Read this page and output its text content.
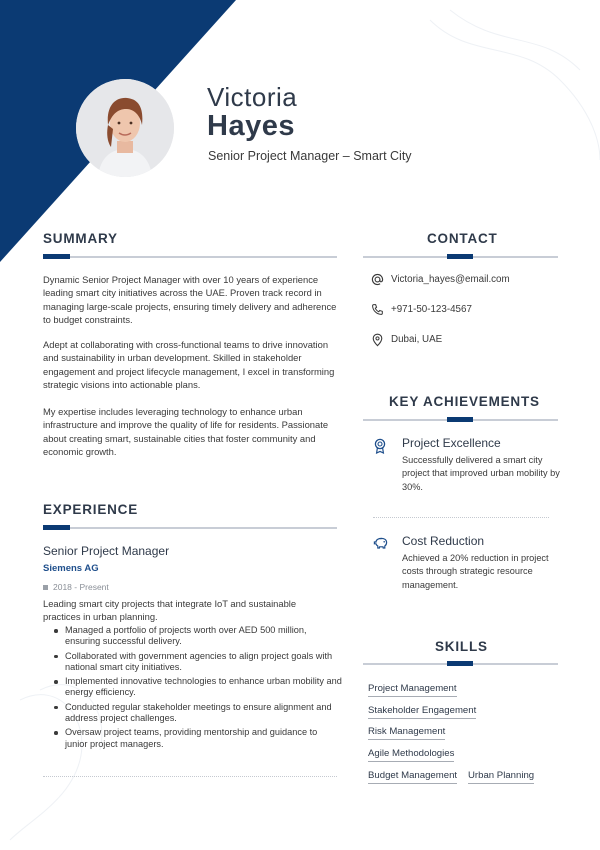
Victoria
Hayes
Senior Project Manager – Smart City
SUMMARY
Dynamic Senior Project Manager with over 10 years of experience leading smart city initiatives across the UAE. Proven track record in managing large-scale projects, ensuring timely delivery and adherence to budget constraints.
Adept at collaborating with cross-functional teams to drive innovation and sustainability in urban development. Skilled in stakeholder engagement and project lifecycle management, I excel in transforming strategic visions into actionable plans.
My expertise includes leveraging technology to enhance urban infrastructure and improve the quality of life for residents. Passionate about creating smart, sustainable cities that foster community and economic growth.
EXPERIENCE
Senior Project Manager
Siemens AG
2018 - Present
Leading smart city projects that integrate IoT and sustainable practices in urban planning.
Managed a portfolio of projects worth over AED 500 million, ensuring successful delivery.
Collaborated with government agencies to align project goals with national smart city initiatives.
Implemented innovative technologies to enhance urban mobility and energy efficiency.
Conducted regular stakeholder meetings to ensure alignment and address project challenges.
Oversaw project teams, providing mentorship and guidance to junior project managers.
CONTACT
Victoria_hayes@email.com
+971-50-123-4567
Dubai, UAE
KEY ACHIEVEMENTS
Project Excellence
Successfully delivered a smart city project that improved urban mobility by 30%.
Cost Reduction
Achieved a 20% reduction in project costs through strategic resource management.
SKILLS
Project Management
Stakeholder Engagement
Risk Management
Agile Methodologies
Budget Management Urban Planning
